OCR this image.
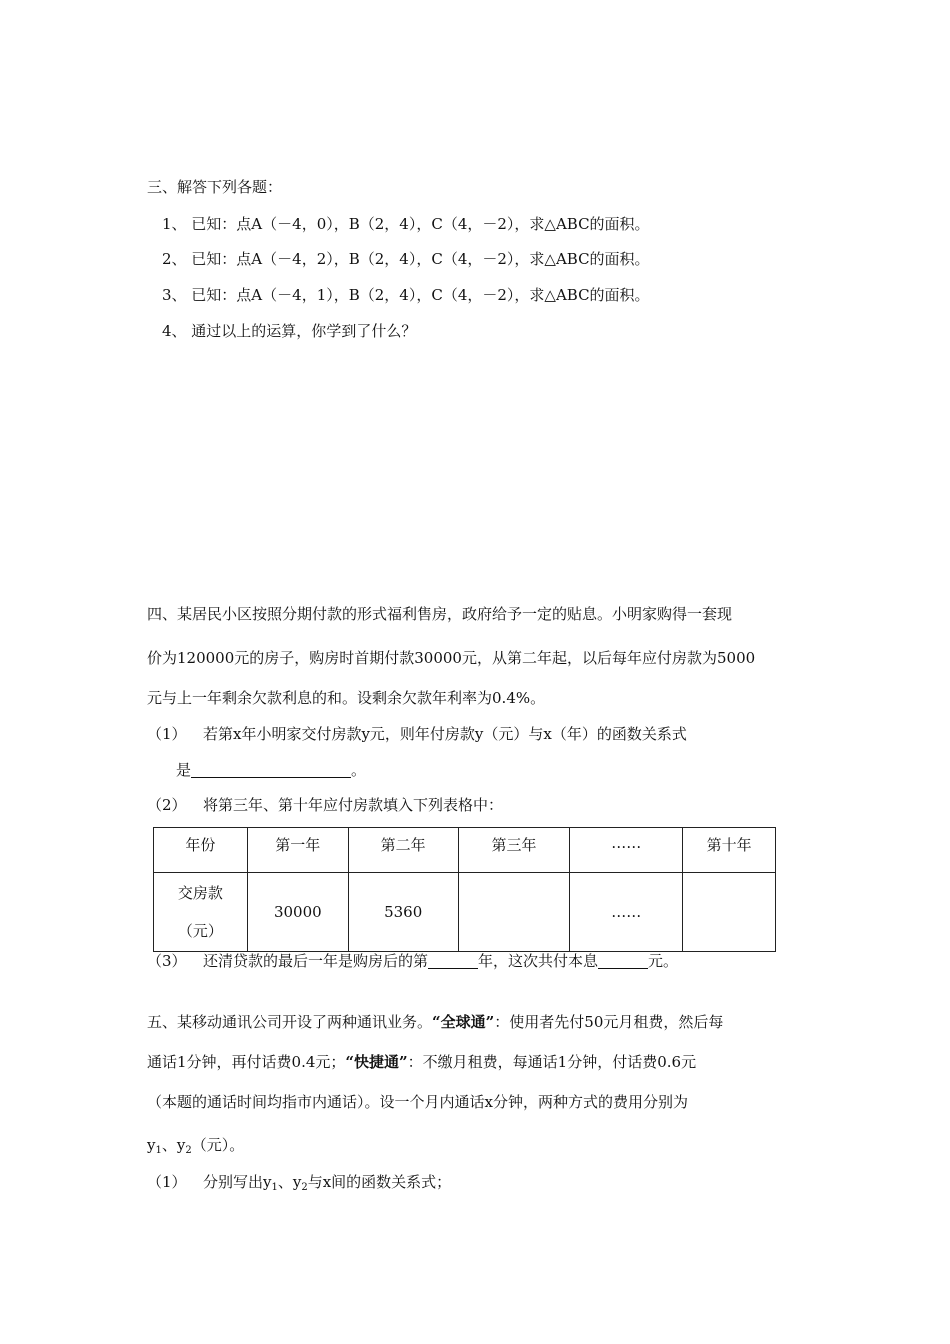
三、解答下列各题：
1、 已知：点A（－4，0），B（2，4），C（4，－2），求△ABC的面积。
2、 已知：点A（－4，2），B（2，4），C（4，－2），求△ABC的面积。
3、 已知：点A（－4，1），B（2，4），C（4，－2），求△ABC的面积。
4、 通过以上的运算，你学到了什么？
四、某居民小区按照分期付款的形式福利售房，政府给予一定的贴息。小明家购得一套现
价为120000元的房子，购房时首期付款30000元，从第二年起，以后每年应付房款为5000
元与上一年剩余欠款利息的和。设剩余欠款年利率为0.4%。
（1） 若第x年小明家交付房款y元，则年付房款y（元）与x（年）的函数关系式
是	。
（2） 将第三年、第十年应付房款填入下列表格中：
年份	第一年	第二年	第三年	……	第十年

交房款
（元）	30000	5360		……	
（3） 还清贷款的最后一年是购房后的第	年，这次共付本息	元。
五、某移动通讯公司开设了两种通讯业务。“全球通”：使用者先付50元月租费，然后每
通话1分钟，再付话费0.4元；“快捷通”：不缴月租费，每通话1分钟，付话费0.6元
（本题的通话时间均指市内通话）。设一个月内通话x分钟，两种方式的费用分别为
$y_1$、$y_2$（元）。
（1） 分别写出$y_1$、$y_2$与x间的函数关系式；
